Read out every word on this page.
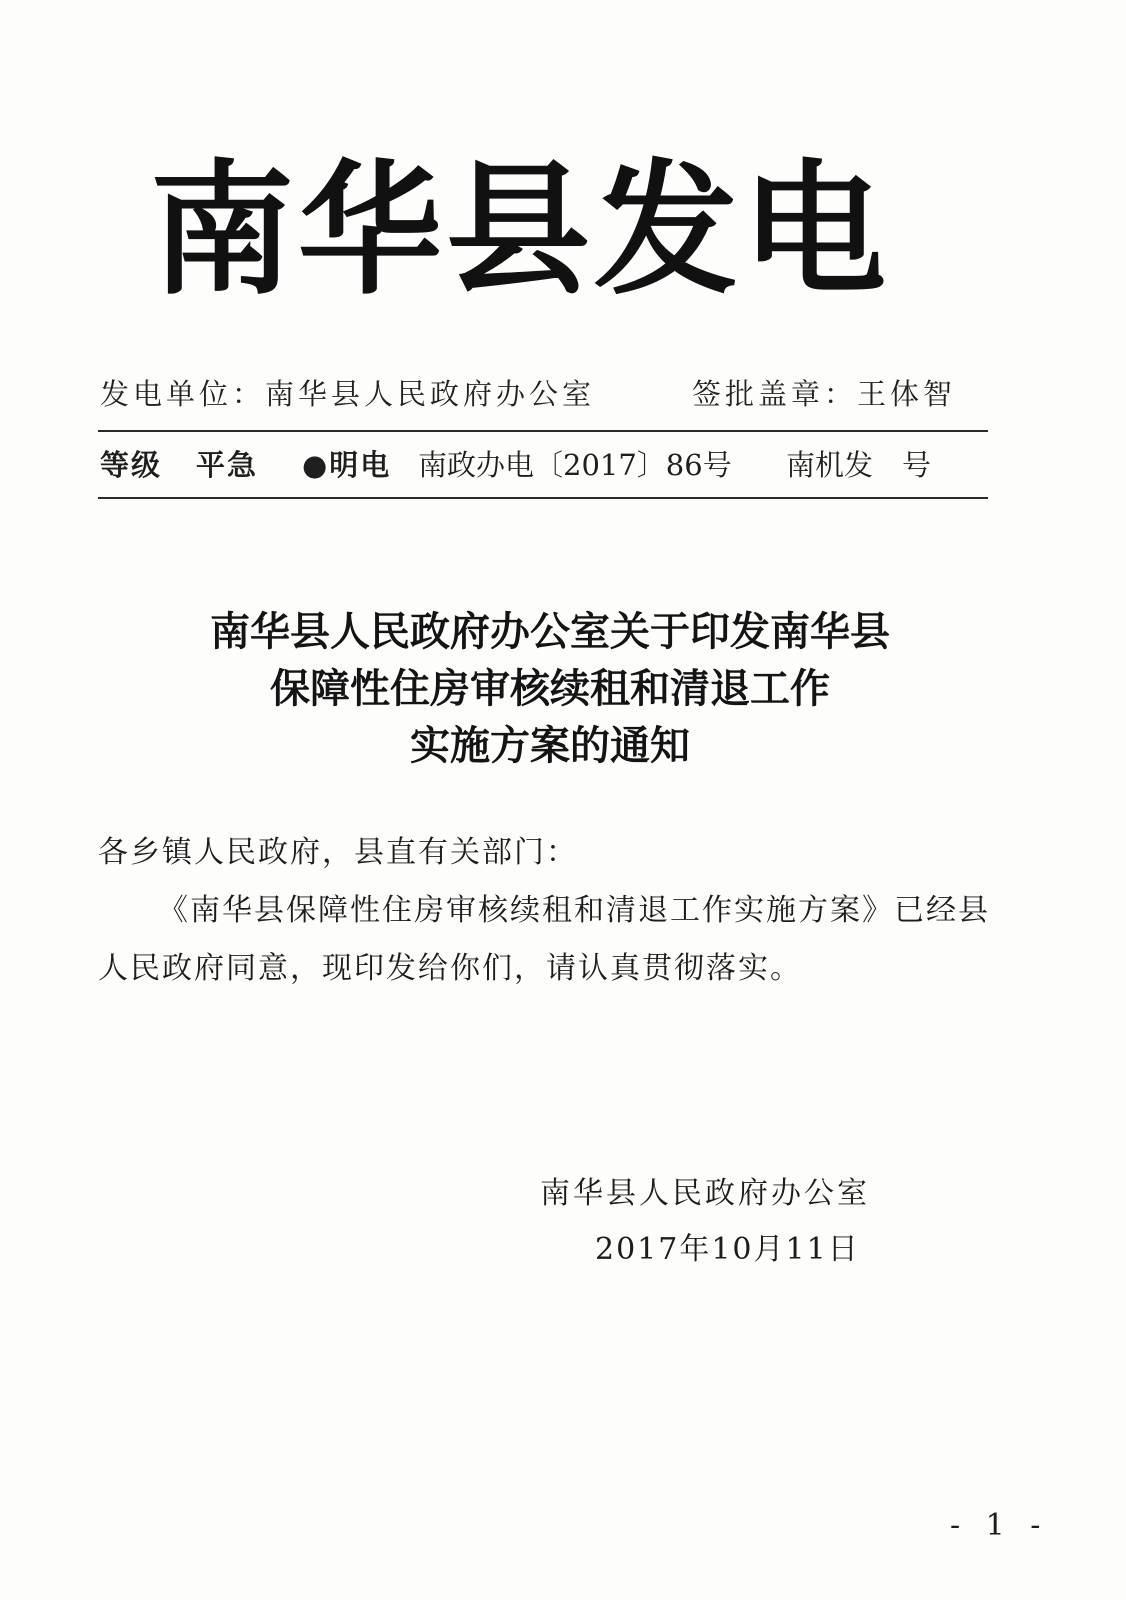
南华县发电
发电单位：南华县人民政府办公室	签批盖章：王体智
等级 平急 ●明电 南政办电〔2017〕86号 南机发　号
南华县人民政府办公室关于印发南华县
保障性住房审核续租和清退工作
实施方案的通知
各乡镇人民政府，县直有关部门：
《南华县保障性住房审核续租和清退工作实施方案》已经县人民政府同意，现印发给你们，请认真贯彻落实。
南华县人民政府办公室
2017年10月11日
- 1 -
